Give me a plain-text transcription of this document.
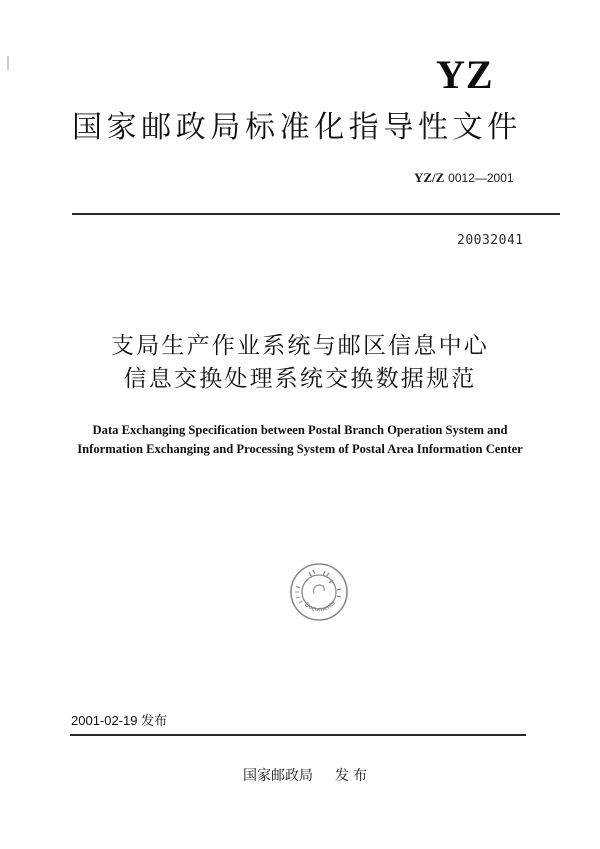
YZ
国家邮政局标准化指导性文件
YZ/Z 0012—2001
20032041
支局生产作业系统与邮区信息中心
信息交换处理系统交换数据规范
Data Exchanging Specification between Postal Branch Operation System and
Information Exchanging and Processing System of Postal Area Information Center
Documents
2001-02-19 发布
国家邮政局 发布
